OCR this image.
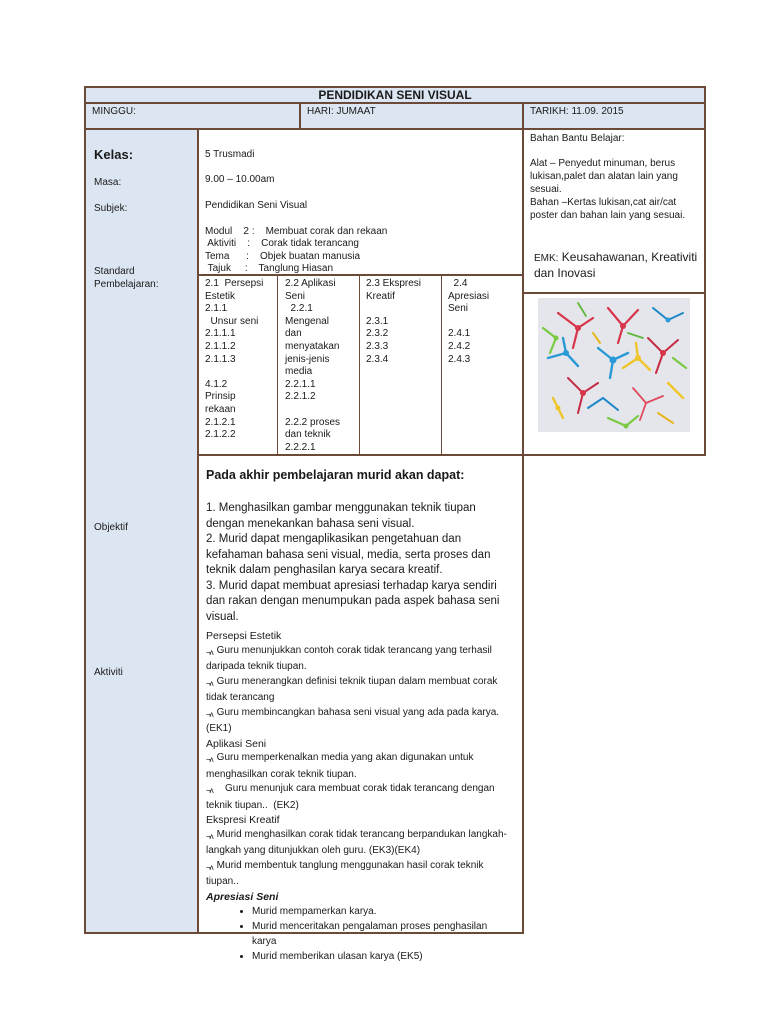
PENDIDIKAN SENI VISUAL
MINGGU:	HARI: JUMAAT	TARIKH: 11.09. 2015
Kelas:
Masa:
Subjek:
Standard
Pembelajaran:
Objektif
Aktiviti
5 Trusmadi
9.00 – 10.00am
Pendidikan Seni Visual
Modul    2 :    Membuat corak dan rekaan
Aktiviti    :    Corak tidak terancang
Tema      :    Objek buatan manusia
Tajuk     :    Tanglung Hiasan
2.1  Persepsi
Estetik
2.1.1
Unsur seni
2.1.1.1
2.1.1.2
2.1.1.3

4.1.2
Prinsip
rekaan
2.1.2.1
2.1.2.2
2.2 Aplikasi
Seni
2.2.1
Mengenal
dan
menyatakan
jenis-jenis
media
2.2.1.1
2.2.1.2

2.2.2 proses
dan teknik
2.2.2.1
2.3 Ekspresi
Kreatif

2.3.1
2.3.2
2.3.3
2.3.4
2.4
Apresiasi
Seni

2.4.1
2.4.2
2.4.3
Bahan Bantu Belajar:
Alat – Penyedut minuman, berus lukisan,palet dan alatan lain yang sesuai.
Bahan –Kertas lukisan,cat air/cat poster dan bahan lain yang sesuai.
EMK: Keusahawanan, Kreativiti dan Inovasi
Pada akhir pembelajaran murid akan dapat:
1. Menghasilkan gambar menggunakan teknik tiupan dengan menekankan bahasa seni visual.
2. Murid dapat mengaplikasikan pengetahuan dan kefahaman bahasa seni visual, media, serta proses dan teknik dalam penghasilan karya secara kreatif.
3. Murid dapat membuat apresiasi terhadap karya sendiri dan rakan dengan menumpukan pada aspek bahasa seni visual.
Persepsi Estetik
$_{\neg ᴧ}$ Guru menunjukkan contoh corak tidak terancang yang terhasil daripada teknik tiupan.
$_{\neg ᴧ}$ Guru menerangkan definisi teknik tiupan dalam membuat corak tidak terancang
$_{\neg ᴧ}$ Guru membincangkan bahasa seni visual yang ada pada karya. (EK1)
Aplikasi Seni
$_{\neg ᴧ}$ Guru memperkenalkan media yang akan digunakan untuk menghasilkan corak teknik tiupan.
$_{\neg ᴧ}$   Guru menunjuk cara membuat corak tidak terancang dengan teknik tiupan..  (EK2)
Ekspresi Kreatif
$_{\neg ᴧ}$ Murid menghasilkan corak tidak terancang berpandukan langkah-langkah yang ditunjukkan oleh guru. (EK3)(EK4)
$_{\neg ᴧ}$ Murid membentuk tanglung menggunakan hasil corak teknik tiupan..
Apresiasi Seni
• Murid mempamerkan karya.
• Murid menceritakan pengalaman proses penghasilan karya
• Murid memberikan ulasan karya (EK5)
